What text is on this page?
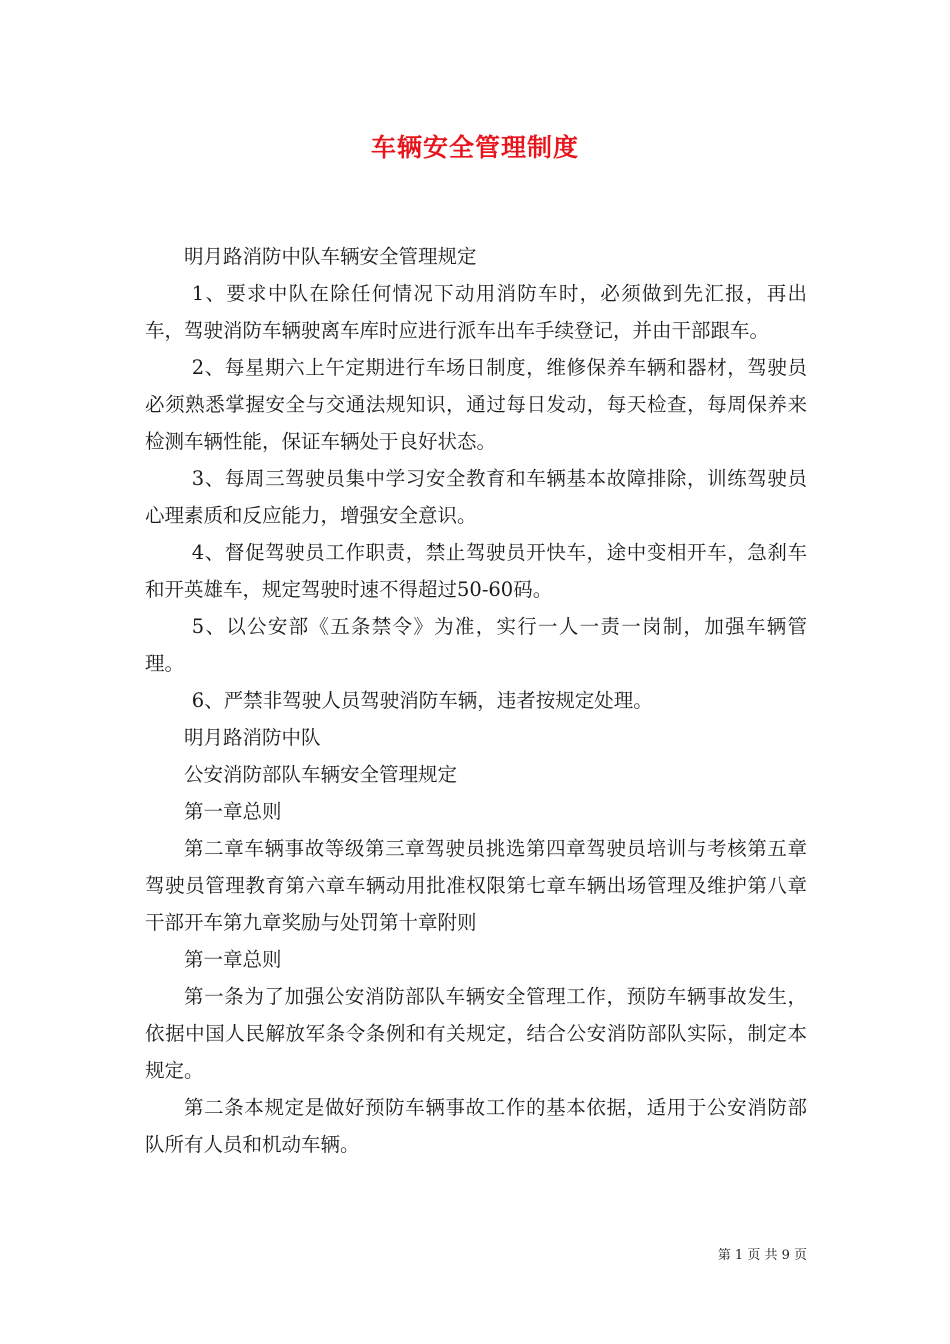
车辆安全管理制度

明月路消防中队车辆安全管理规定

1、要求中队在除任何情况下动用消防车时，必须做到先汇报，再出车，驾驶消防车辆驶离车库时应进行派车出车手续登记，并由干部跟车。

2、每星期六上午定期进行车场日制度，维修保养车辆和器材，驾驶员必须熟悉掌握安全与交通法规知识，通过每日发动，每天检查，每周保养来检测车辆性能，保证车辆处于良好状态。

3、每周三驾驶员集中学习安全教育和车辆基本故障排除，训练驾驶员心理素质和反应能力，增强安全意识。

4、督促驾驶员工作职责，禁止驾驶员开快车，途中变相开车，急刹车和开英雄车，规定驾驶时速不得超过50-60码。

5、以公安部《五条禁令》为准，实行一人一责一岗制，加强车辆管理。

6、严禁非驾驶人员驾驶消防车辆，违者按规定处理。

明月路消防中队

公安消防部队车辆安全管理规定

第一章总则

第二章车辆事故等级第三章驾驶员挑选第四章驾驶员培训与考核第五章驾驶员管理教育第六章车辆动用批准权限第七章车辆出场管理及维护第八章干部开车第九章奖励与处罚第十章附则

第一章总则

第一条为了加强公安消防部队车辆安全管理工作，预防车辆事故发生，依据中国人民解放军条令条例和有关规定，结合公安消防部队实际，制定本规定。

第二条本规定是做好预防车辆事故工作的基本依据，适用于公安消防部队所有人员和机动车辆。

第 1 页 共 9 页
